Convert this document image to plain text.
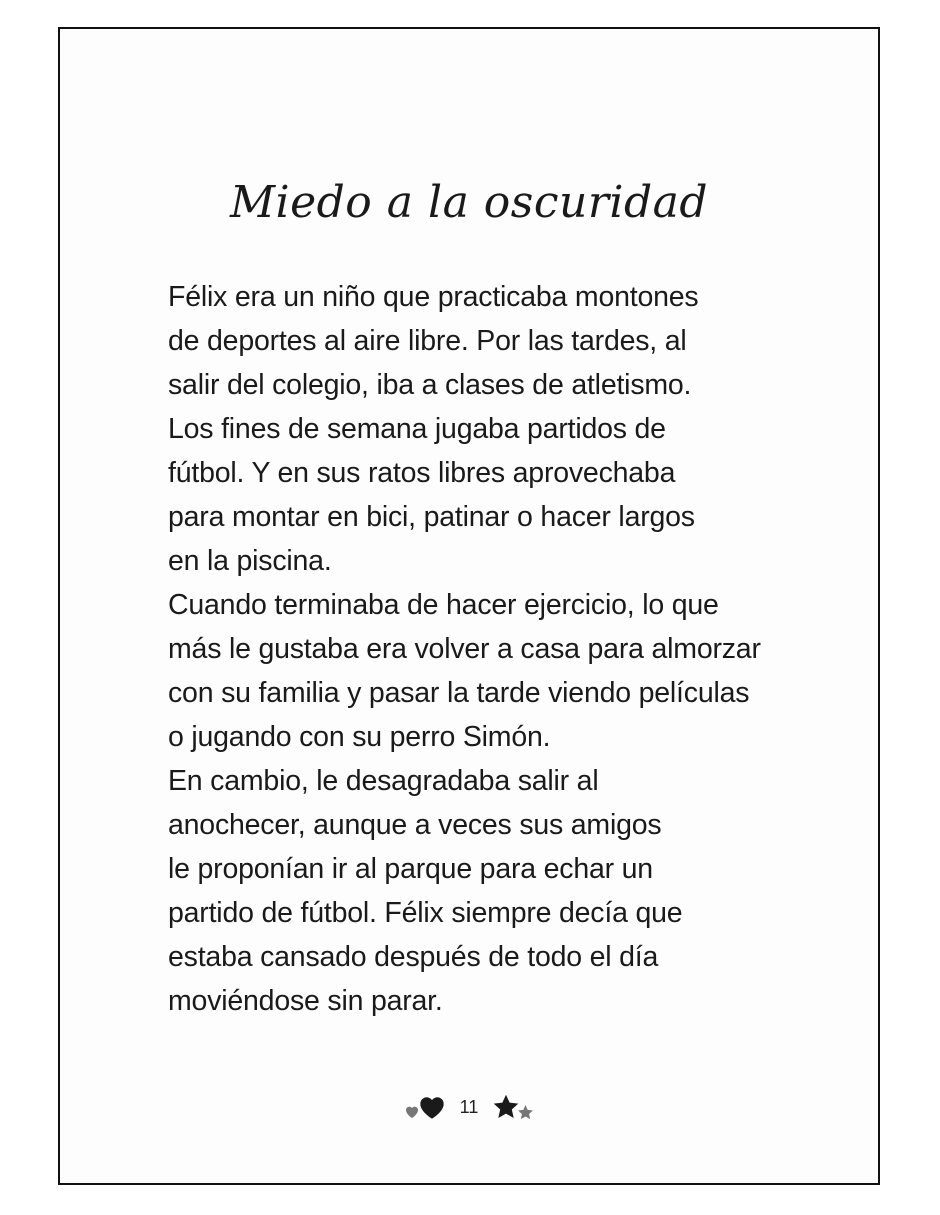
Miedo a la oscuridad
Félix era un niño que practicaba montones
de deportes al aire libre. Por las tardes, al
salir del colegio, iba a clases de atletismo.
Los fines de semana jugaba partidos de
fútbol. Y en sus ratos libres aprovechaba
para montar en bici, patinar o hacer largos
en la piscina.
Cuando terminaba de hacer ejercicio, lo que
más le gustaba era volver a casa para almorzar
con su familia y pasar la tarde viendo películas
o jugando con su perro Simón.
En cambio, le desagradaba salir al
anochecer, aunque a veces sus amigos
le proponían ir al parque para echar un
partido de fútbol. Félix siempre decía que
estaba cansado después de todo el día
moviéndose sin parar.
11
